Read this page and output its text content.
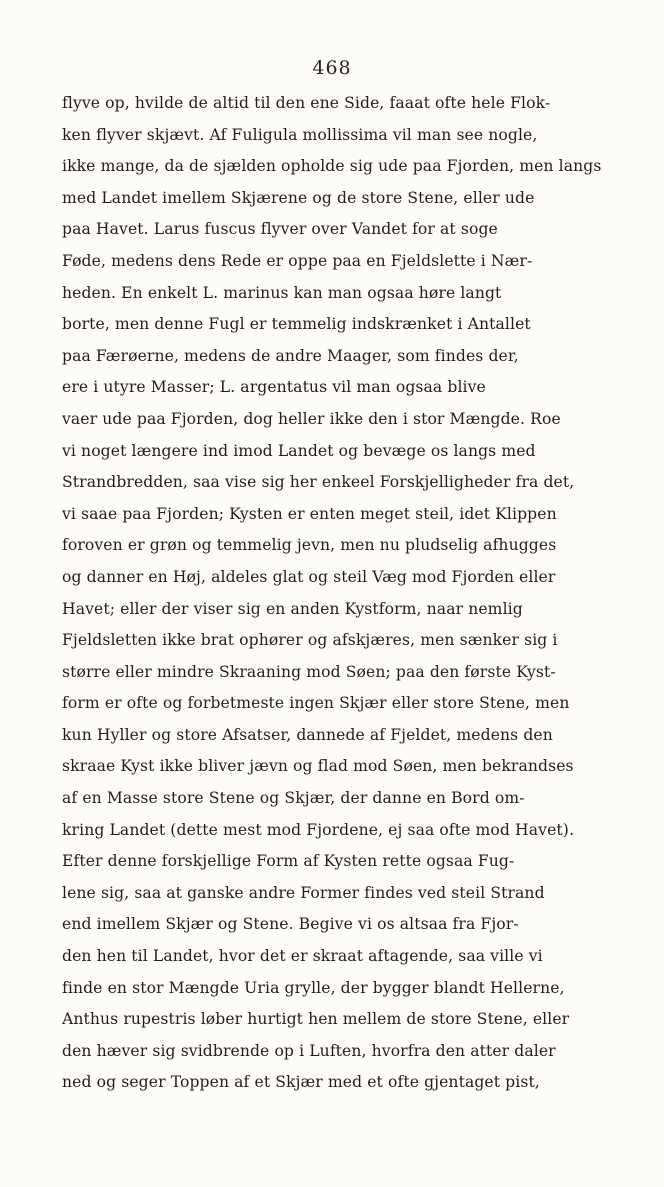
468
flyve op, hvilde de altid til den ene Side, faaat ofte hele Flok-
ken flyver skjævt. Af Fuligula mollissima vil man see nogle,
ikke mange, da de sjælden opholde sig ude paa Fjorden, men langs
med Landet imellem Skjærene og de store Stene, eller ude
paa Havet. Larus fuscus flyver over Vandet for at soge
Føde, medens dens Rede er oppe paa en Fjeldslette i Nær-
heden. En enkelt L. marinus kan man ogsaa høre langt
borte, men denne Fugl er temmelig indskrænket i Antallet
paa Færøerne, medens de andre Maager, som findes der,
ere i utyre Masser; L. argentatus vil man ogsaa blive
vaer ude paa Fjorden, dog heller ikke den i stor Mængde. Roe
vi noget længere ind imod Landet og bevæge os langs med
Strandbredden, saa vise sig her enkeel Forskjelligheder fra det,
vi saae paa Fjorden; Kysten er enten meget steil, idet Klippen
foroven er grøn og temmelig jevn, men nu pludselig afhugges
og danner en Høj, aldeles glat og steil Væg mod Fjorden eller
Havet; eller der viser sig en anden Kystform, naar nemlig
Fjeldsletten ikke brat ophører og afskjæres, men sænker sig i
større eller mindre Skraaning mod Søen; paa den første Kyst-
form er ofte og forbetmeste ingen Skjær eller store Stene, men
kun Hyller og store Afsatser, dannede af Fjeldet, medens den
skraae Kyst ikke bliver jævn og flad mod Søen, men bekrandses
af en Masse store Stene og Skjær, der danne en Bord om-
kring Landet (dette mest mod Fjordene, ej saa ofte mod Havet).
Efter denne forskjellige Form af Kysten rette ogsaa Fug-
lene sig, saa at ganske andre Former findes ved steil Strand
end imellem Skjær og Stene. Begive vi os altsaa fra Fjor-
den hen til Landet, hvor det er skraat aftagende, saa ville vi
finde en stor Mængde Uria grylle, der bygger blandt Hellerne,
Anthus rupestris løber hurtigt hen mellem de store Stene, eller
den hæver sig svidbrende op i Luften, hvorfra den atter daler
ned og seger Toppen af et Skjær med et ofte gjentaget pist,
